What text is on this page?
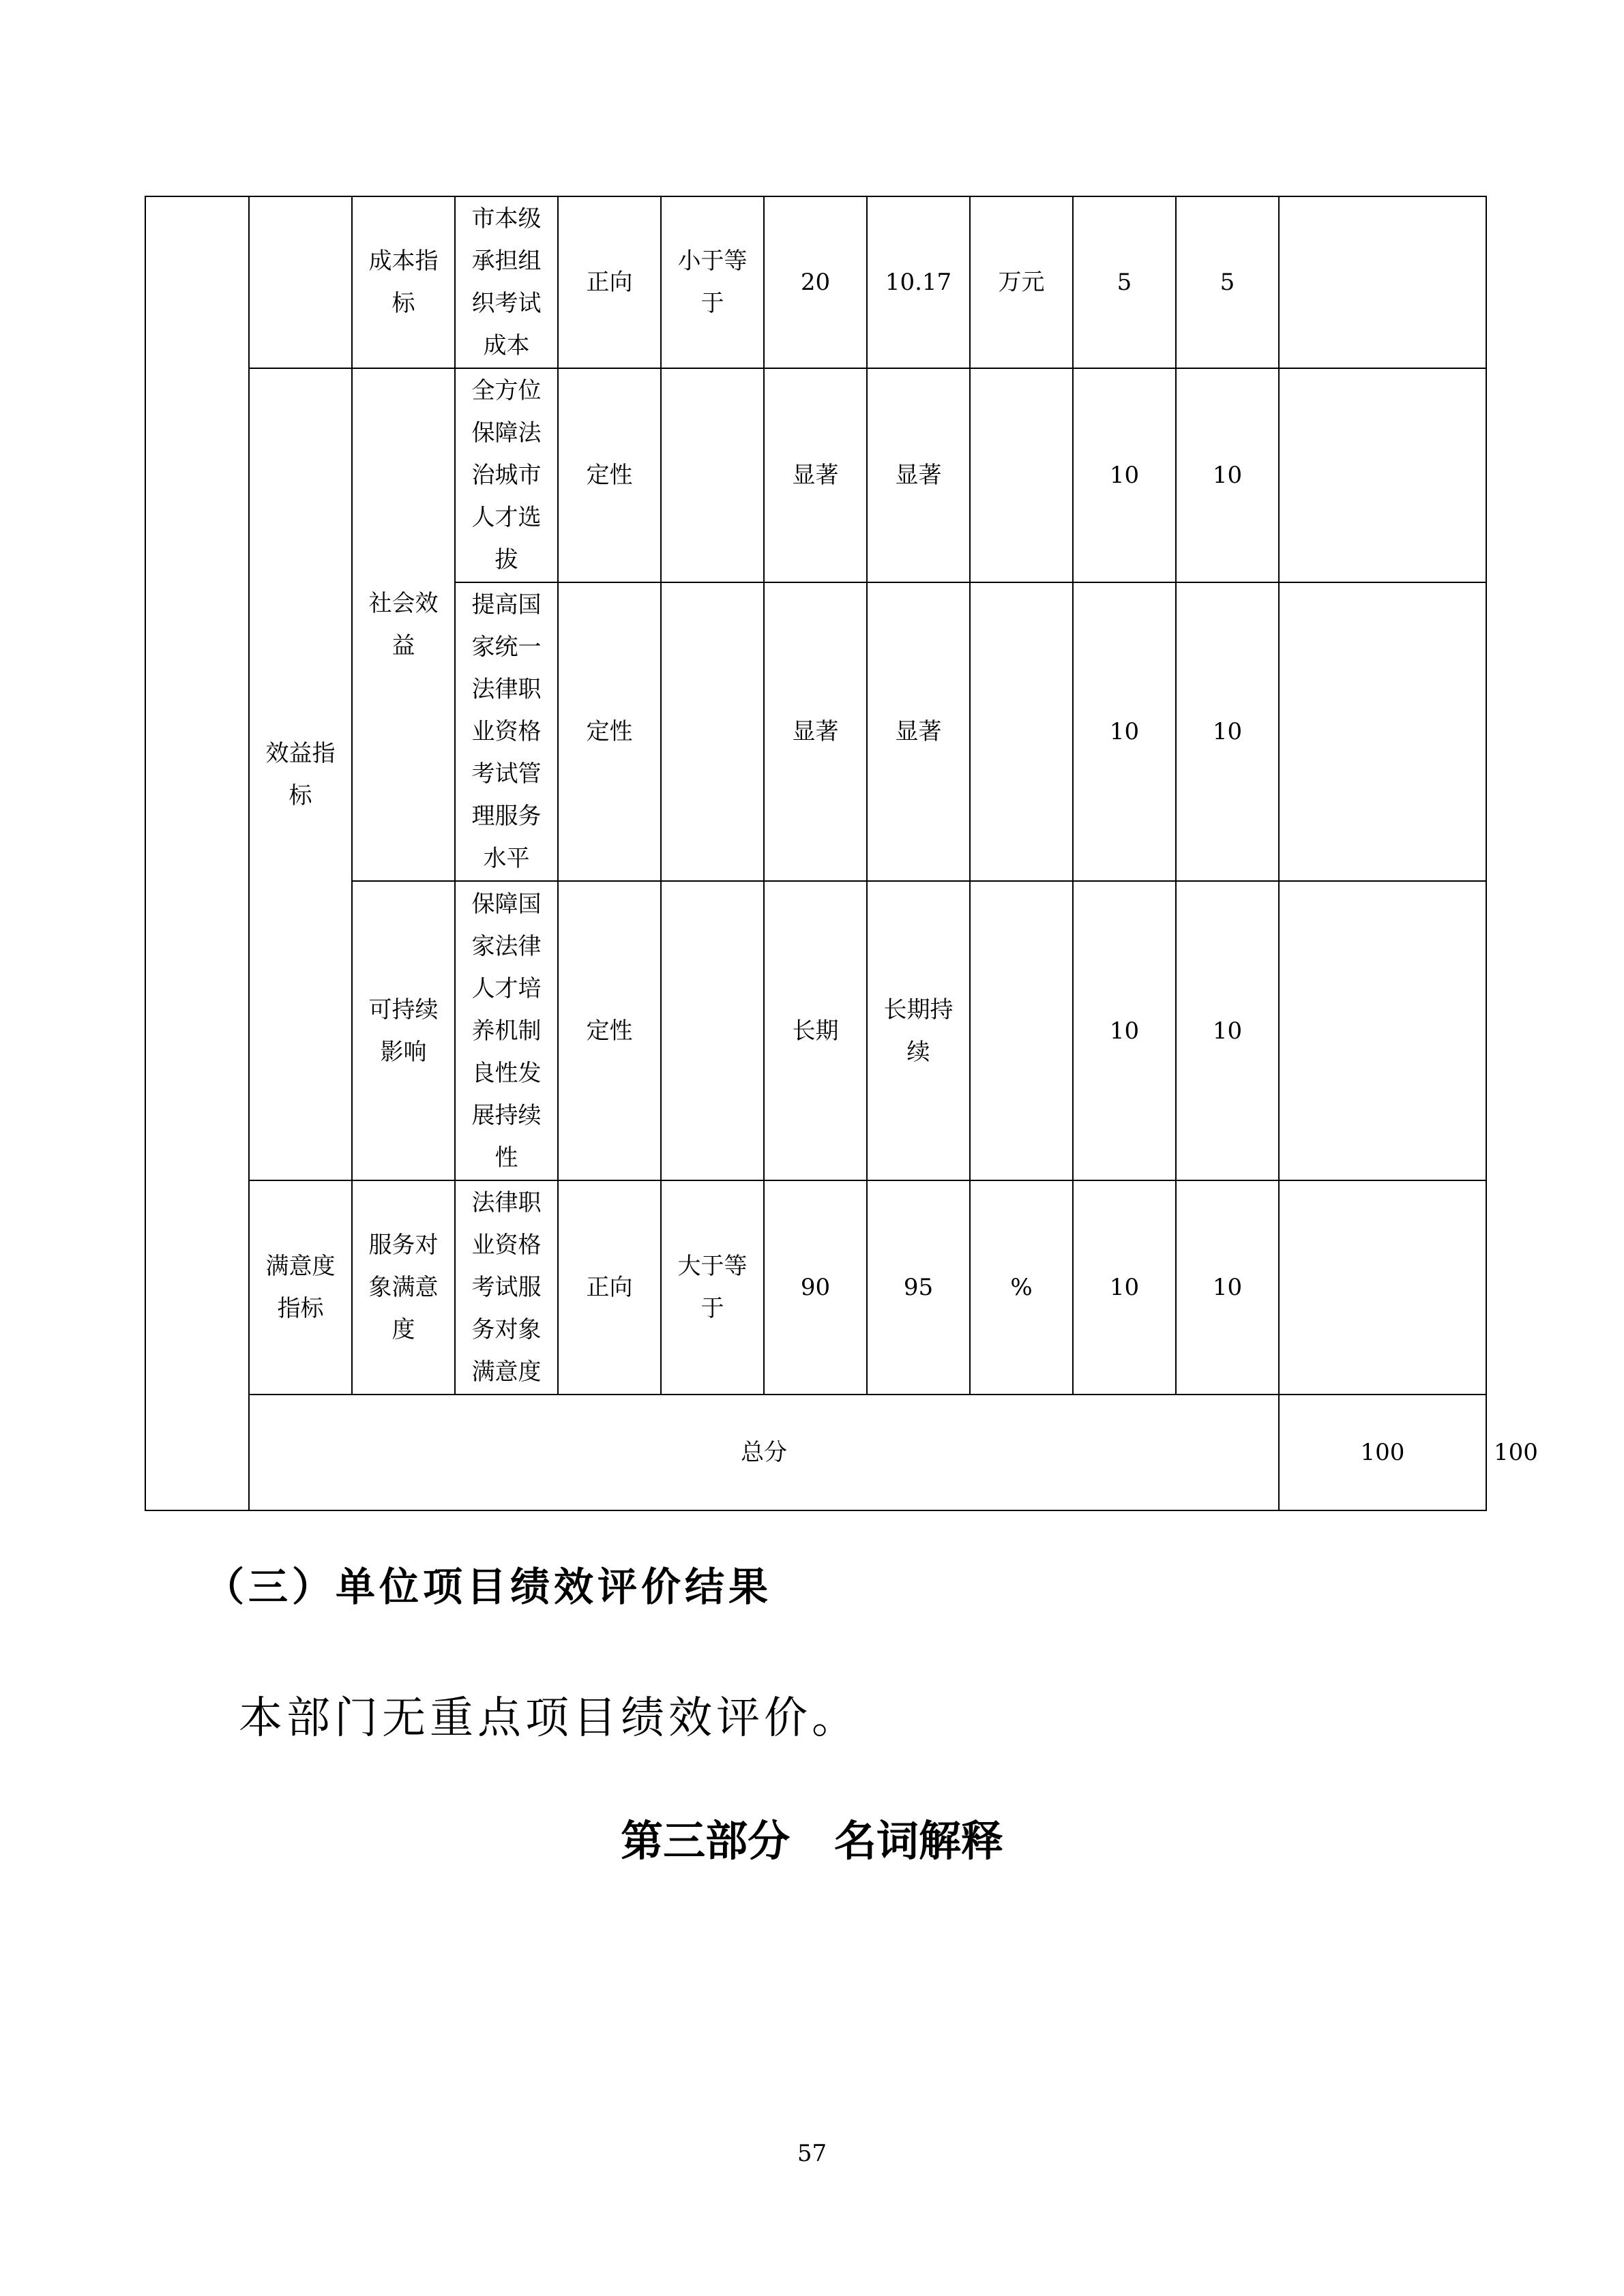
		成本指标	市本级承担组织考试成本	正向	小于等于	20	10.17	万元	5	5		
	效益指标	社会效益	全方位保障法治城市人才选拔	定性		显著	显著		10	10		
			提高国家统一法律职业资格考试管理服务水平	定性		显著	显著		10	10		
		可持续影响	保障国家法律人才培养机制良性发展持续性	定性		长期	长期持续		10	10		
	满意度指标	服务对象满意度	法律职业资格考试服务对象满意度	正向	大于等于	90	95	%	10	10		
	总分										100	100	
（三）单位项目绩效评价结果
本部门无重点项目绩效评价。
第三部分   名词解释
57
